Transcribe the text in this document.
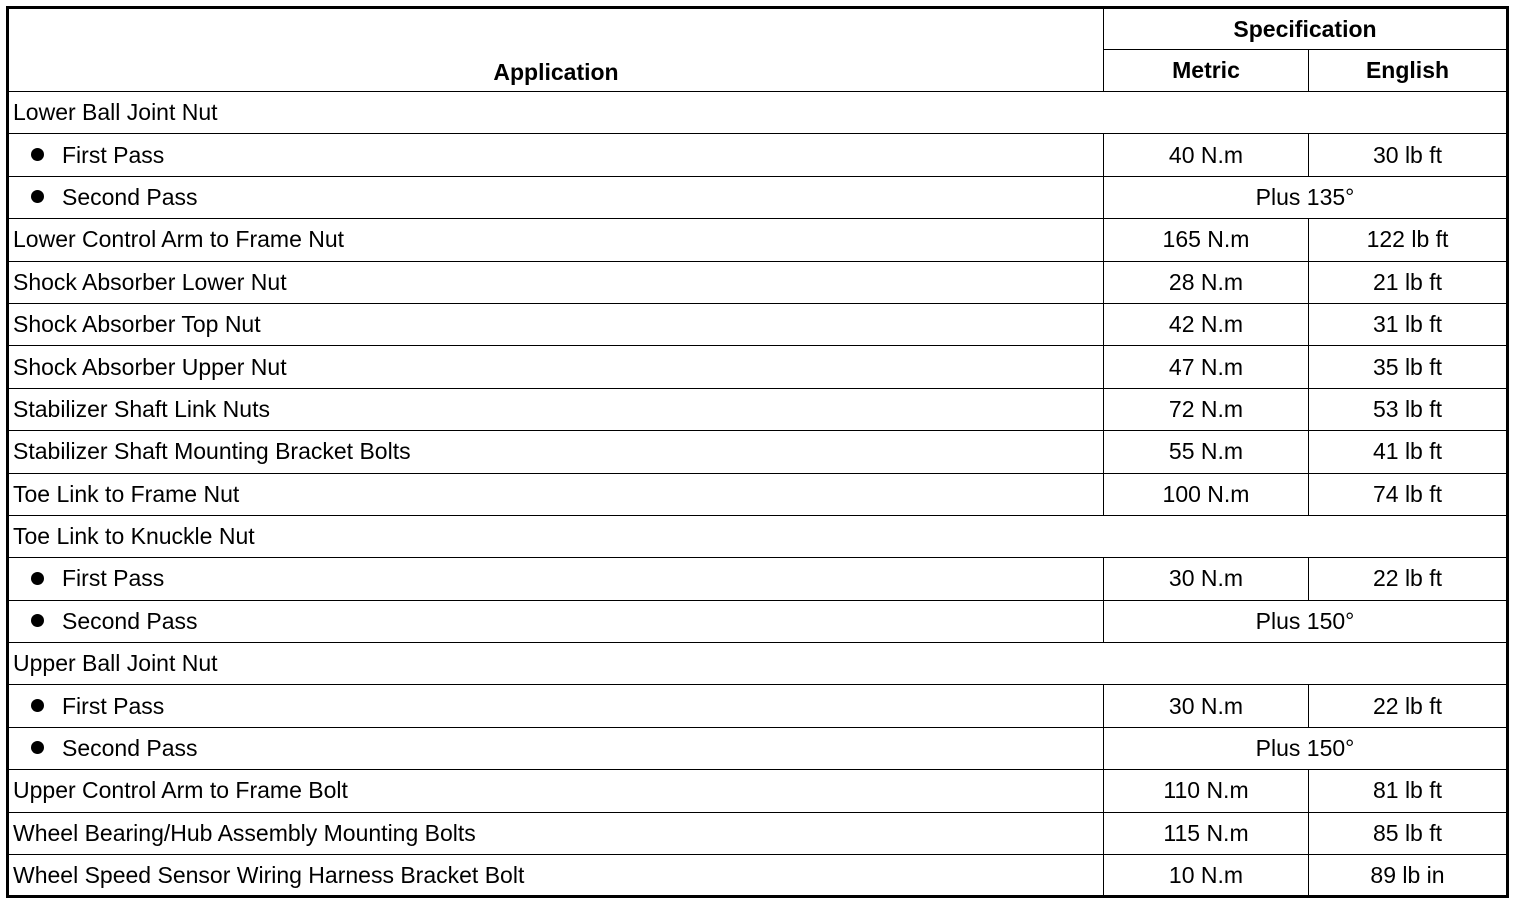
Application	Specification	
	Metric	English
Lower Ball Joint Nut		
First Pass	40 N.m	30 lb ft
Second Pass	Plus 135°	
Lower Control Arm to Frame Nut	165 N.m	122 lb ft
Shock Absorber Lower Nut	28 N.m	21 lb ft
Shock Absorber Top Nut	42 N.m	31 lb ft
Shock Absorber Upper Nut	47 N.m	35 lb ft
Stabilizer Shaft Link Nuts	72 N.m	53 lb ft
Stabilizer Shaft Mounting Bracket Bolts	55 N.m	41 lb ft
Toe Link to Frame Nut	100 N.m	74 lb ft
Toe Link to Knuckle Nut		
First Pass	30 N.m	22 lb ft
Second Pass	Plus 150°	
Upper Ball Joint Nut		
First Pass	30 N.m	22 lb ft
Second Pass	Plus 150°	
Upper Control Arm to Frame Bolt	110 N.m	81 lb ft
Wheel Bearing/Hub Assembly Mounting Bolts	115 N.m	85 lb ft
Wheel Speed Sensor Wiring Harness Bracket Bolt	10 N.m	89 lb in
